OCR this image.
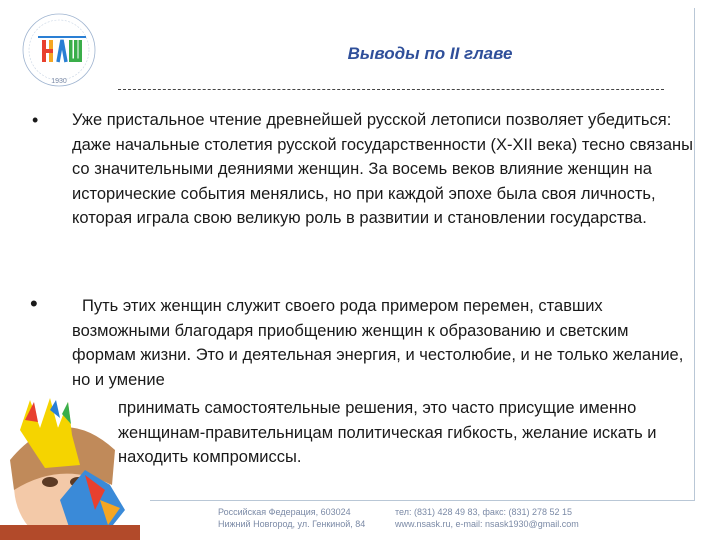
1930
Выводы по II главе
• Уже пристальное чтение древнейшей русской летописи позволяет убедиться: даже начальные столетия русской государственности (X-XII века) тесно связаны со значительными деяниями женщин. За восемь веков влияние женщин на исторические события менялись, но при каждой эпохе была своя личность, которая играла свою великую роль в развитии и становлении государства.

•	Путь этих женщин служит своего рода примером перемен, ставших возможными благодаря приобщению женщин к образованию и светским формам жизни. Это и деятельная энергия, и честолюбие, и не только желание, но и умение

принимать самостоятельные решения, это часто присущие именно женщинам-правительницам политическая гибкость, желание искать и находить компромиссы.

Российская Федерация, 603024
Нижний Новгород, ул. Генкиной, 84
тел: (831) 428 49 83, факс: (831) 278 52 15
www.nsask.ru, e-mail: nsask1930@gmail.com
